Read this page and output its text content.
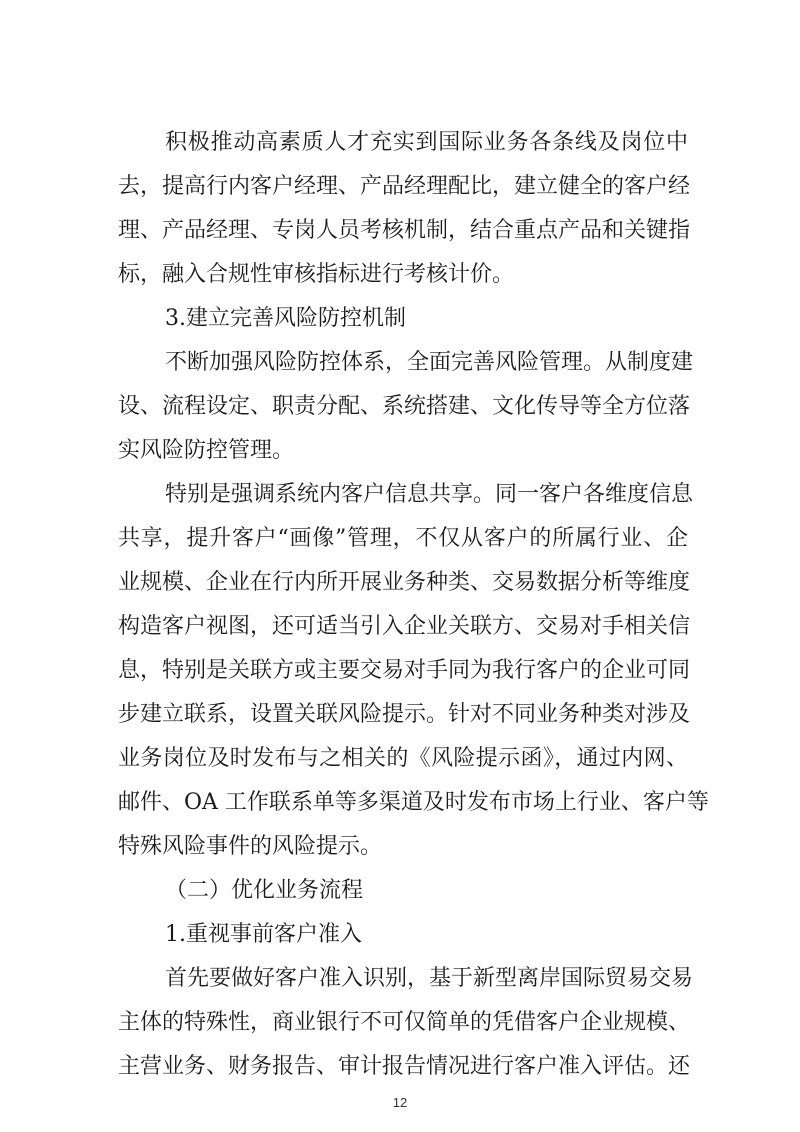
积极推动高素质人才充实到国际业务各条线及岗位中
去，提高行内客户经理、产品经理配比，建立健全的客户经
理、产品经理、专岗人员考核机制，结合重点产品和关键指
标，融入合规性审核指标进行考核计价。
3.建立完善风险防控机制
不断加强风险防控体系，全面完善风险管理。从制度建
设、流程设定、职责分配、系统搭建、文化传导等全方位落
实风险防控管理。
特别是强调系统内客户信息共享。同一客户各维度信息
共享，提升客户“画像”管理，不仅从客户的所属行业、企
业规模、企业在行内所开展业务种类、交易数据分析等维度
构造客户视图，还可适当引入企业关联方、交易对手相关信
息，特别是关联方或主要交易对手同为我行客户的企业可同
步建立联系，设置关联风险提示。针对不同业务种类对涉及
业务岗位及时发布与之相关的《风险提示函》，通过内网、
邮件、OA 工作联系单等多渠道及时发布市场上行业、客户等
特殊风险事件的风险提示。
（二）优化业务流程
1.重视事前客户准入
首先要做好客户准入识别，基于新型离岸国际贸易交易
主体的特殊性，商业银行不可仅简单的凭借客户企业规模、
主营业务、财务报告、审计报告情况进行客户准入评估。还
12
